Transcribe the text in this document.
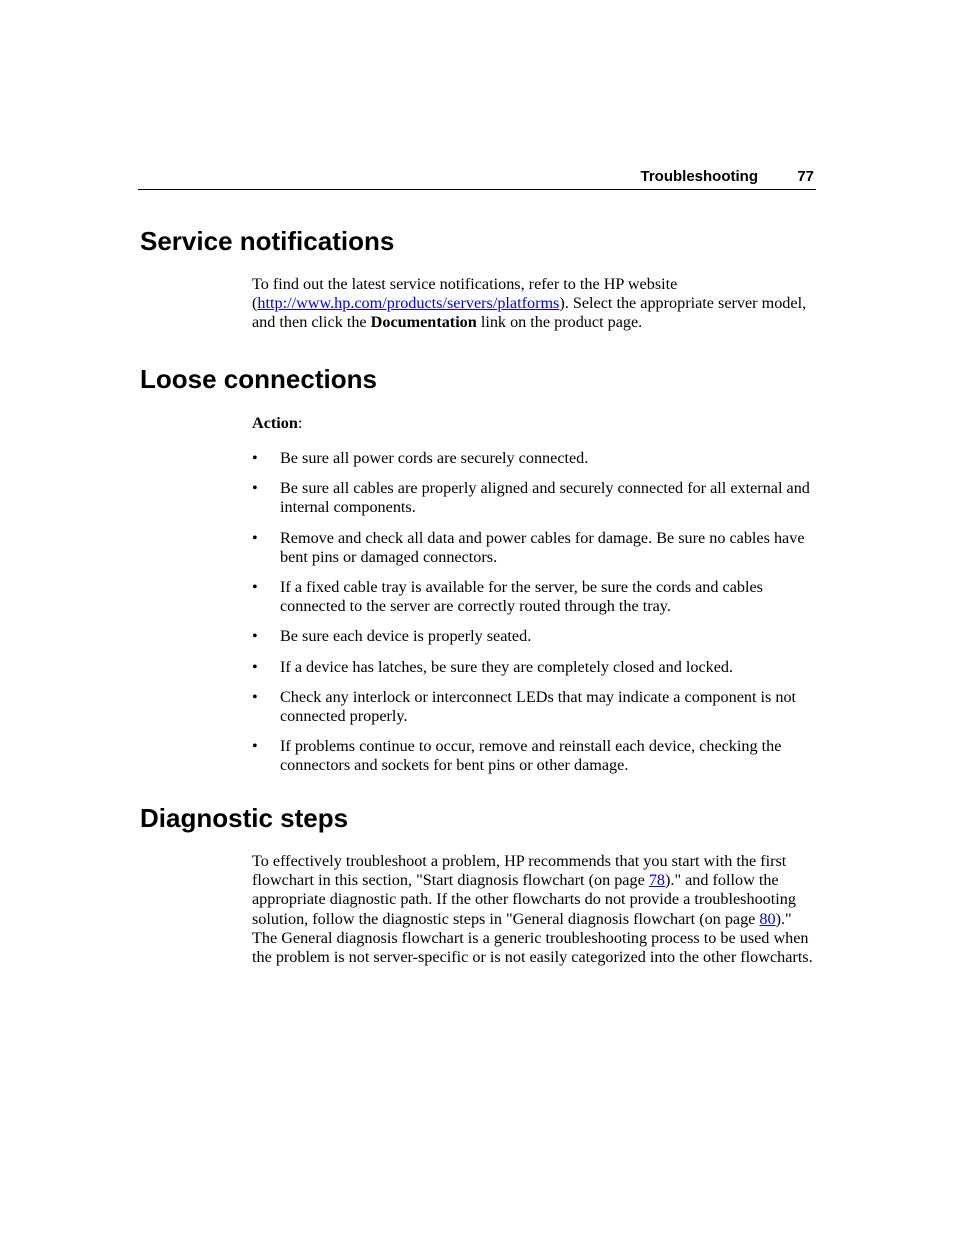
Troubleshooting	77
Service notifications

To find out the latest service notifications, refer to the HP website (http://www.hp.com/products/servers/platforms). Select the appropriate server model, and then click the Documentation link on the product page.

Loose connections

Action:

• Be sure all power cords are securely connected.
• Be sure all cables are properly aligned and securely connected for all external and internal components.
• Remove and check all data and power cables for damage. Be sure no cables have bent pins or damaged connectors.
• If a fixed cable tray is available for the server, be sure the cords and cables connected to the server are correctly routed through the tray.
• Be sure each device is properly seated.
• If a device has latches, be sure they are completely closed and locked.
• Check any interlock or interconnect LEDs that may indicate a component is not connected properly.
• If problems continue to occur, remove and reinstall each device, checking the connectors and sockets for bent pins or other damage.
Diagnostic steps

To effectively troubleshoot a problem, HP recommends that you start with the first flowchart in this section, "Start diagnosis flowchart (on page 78)." and follow the appropriate diagnostic path. If the other flowcharts do not provide a troubleshooting solution, follow the diagnostic steps in "General diagnosis flowchart (on page 80)." The General diagnosis flowchart is a generic troubleshooting process to be used when the problem is not server-specific or is not easily categorized into the other flowcharts.
